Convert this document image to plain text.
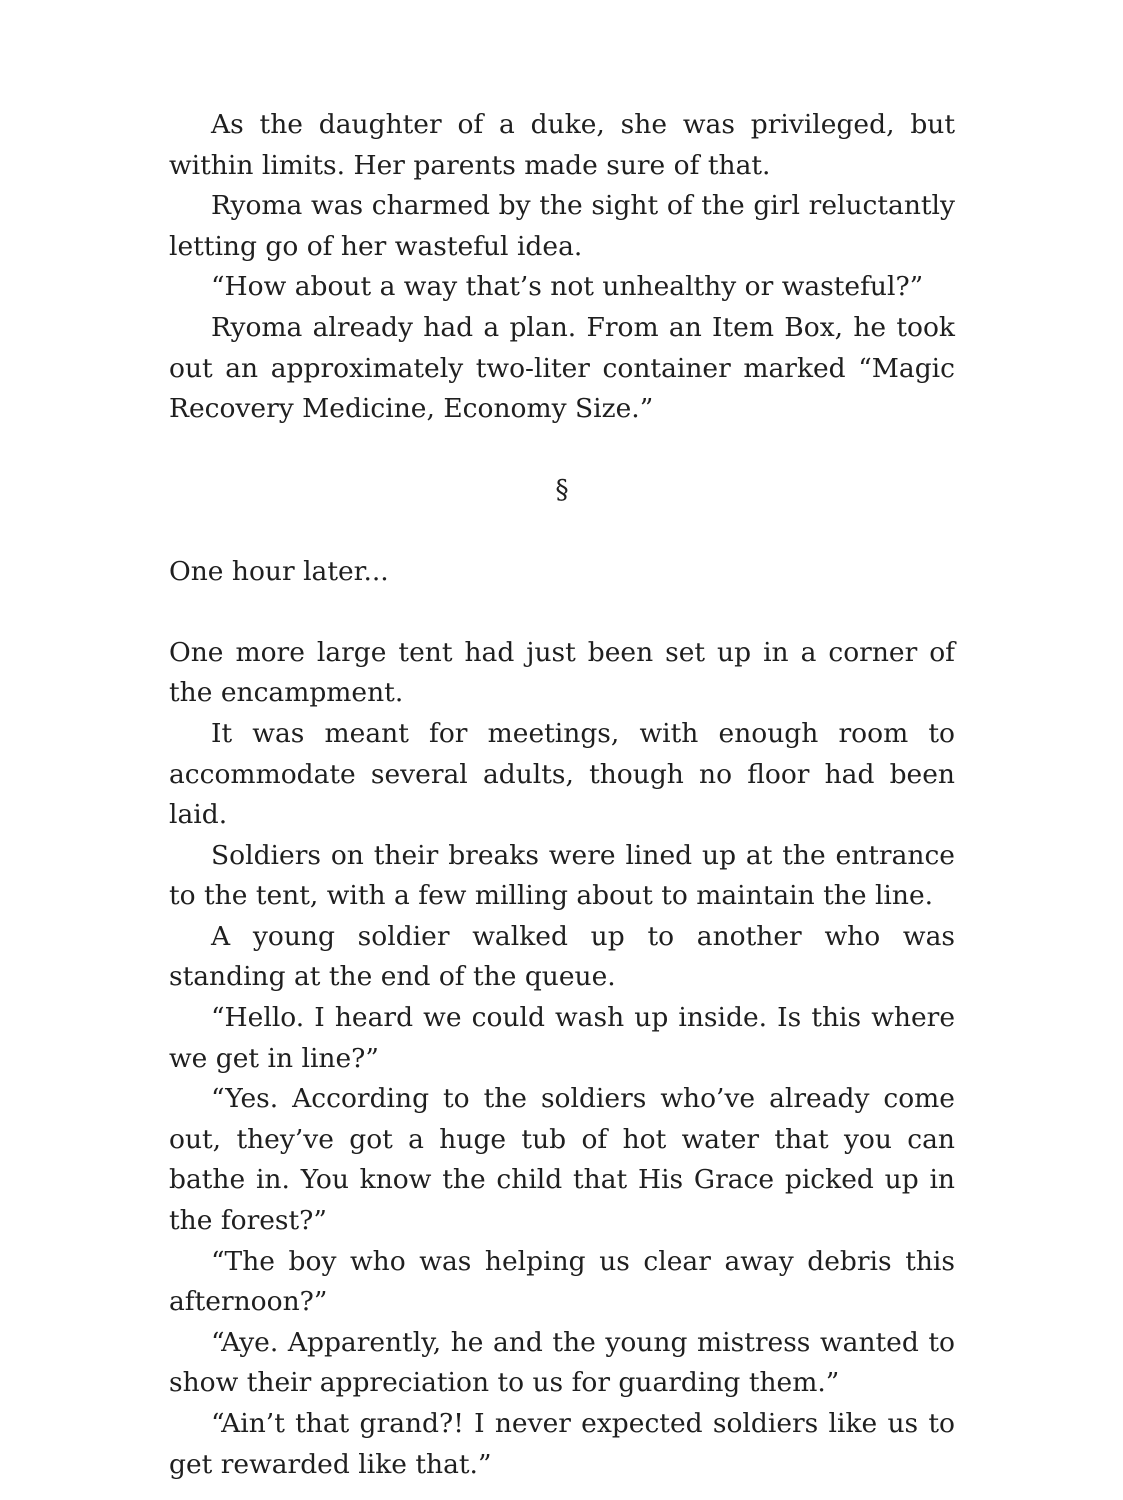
As the daughter of a duke, she was privileged, but within limits. Her parents made sure of that.

Ryoma was charmed by the sight of the girl reluctantly letting go of her wasteful idea.

“How about a way that’s not unhealthy or wasteful?”

Ryoma already had a plan. From an Item Box, he took out an approximately two-liter container marked “Magic Recovery Medicine, Economy Size.”

§

One hour later...

One more large tent had just been set up in a corner of the encampment.

It was meant for meetings, with enough room to accommodate several adults, though no floor had been laid.

Soldiers on their breaks were lined up at the entrance to the tent, with a few milling about to maintain the line.

A young soldier walked up to another who was standing at the end of the queue.

“Hello. I heard we could wash up inside. Is this where we get in line?”

“Yes. According to the soldiers who’ve already come out, they’ve got a huge tub of hot water that you can bathe in. You know the child that His Grace picked up in the forest?”

“The boy who was helping us clear away debris this afternoon?”

“Aye. Apparently, he and the young mistress wanted to show their appreciation to us for guarding them.”

“Ain’t that grand?! I never expected soldiers like us to get rewarded like that.”
